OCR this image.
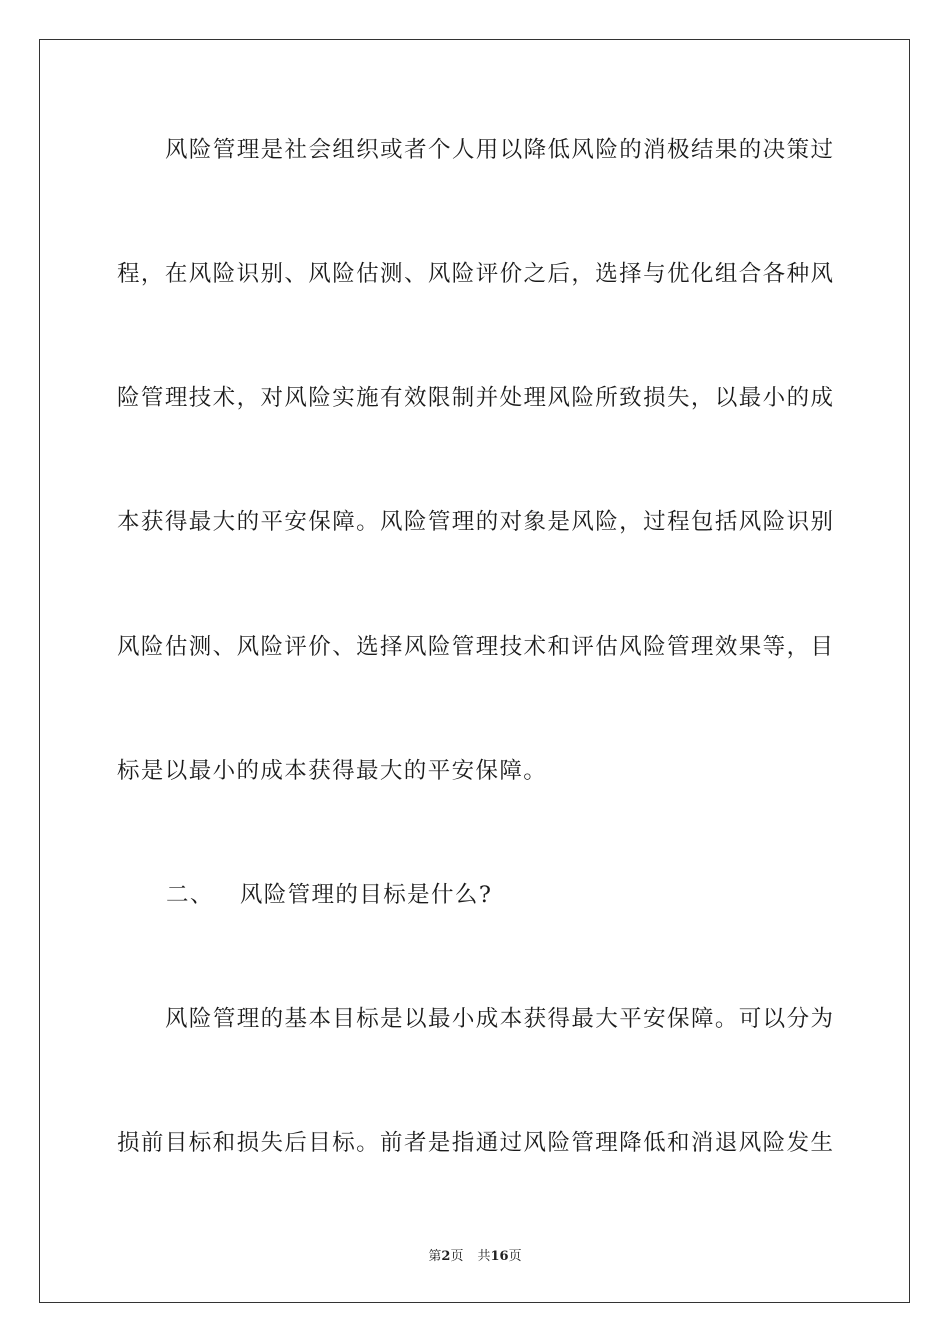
风险管理是社会组织或者个人用以降低风险的消极结果的决策过
程，在风险识别、风险估测、风险评价之后，选择与优化组合各种风
险管理技术，对风险实施有效限制并处理风险所致损失，以最小的成
本获得最大的平安保障。风险管理的对象是风险，过程包括风险识别
风险估测、风险评价、选择风险管理技术和评估风险管理效果等，目
标是以最小的成本获得最大的平安保障。
二、 风险管理的目标是什么?
风险管理的基本目标是以最小成本获得最大平安保障。可以分为
损前目标和损失后目标。前者是指通过风险管理降低和消退风险发生
第2页 共16页
